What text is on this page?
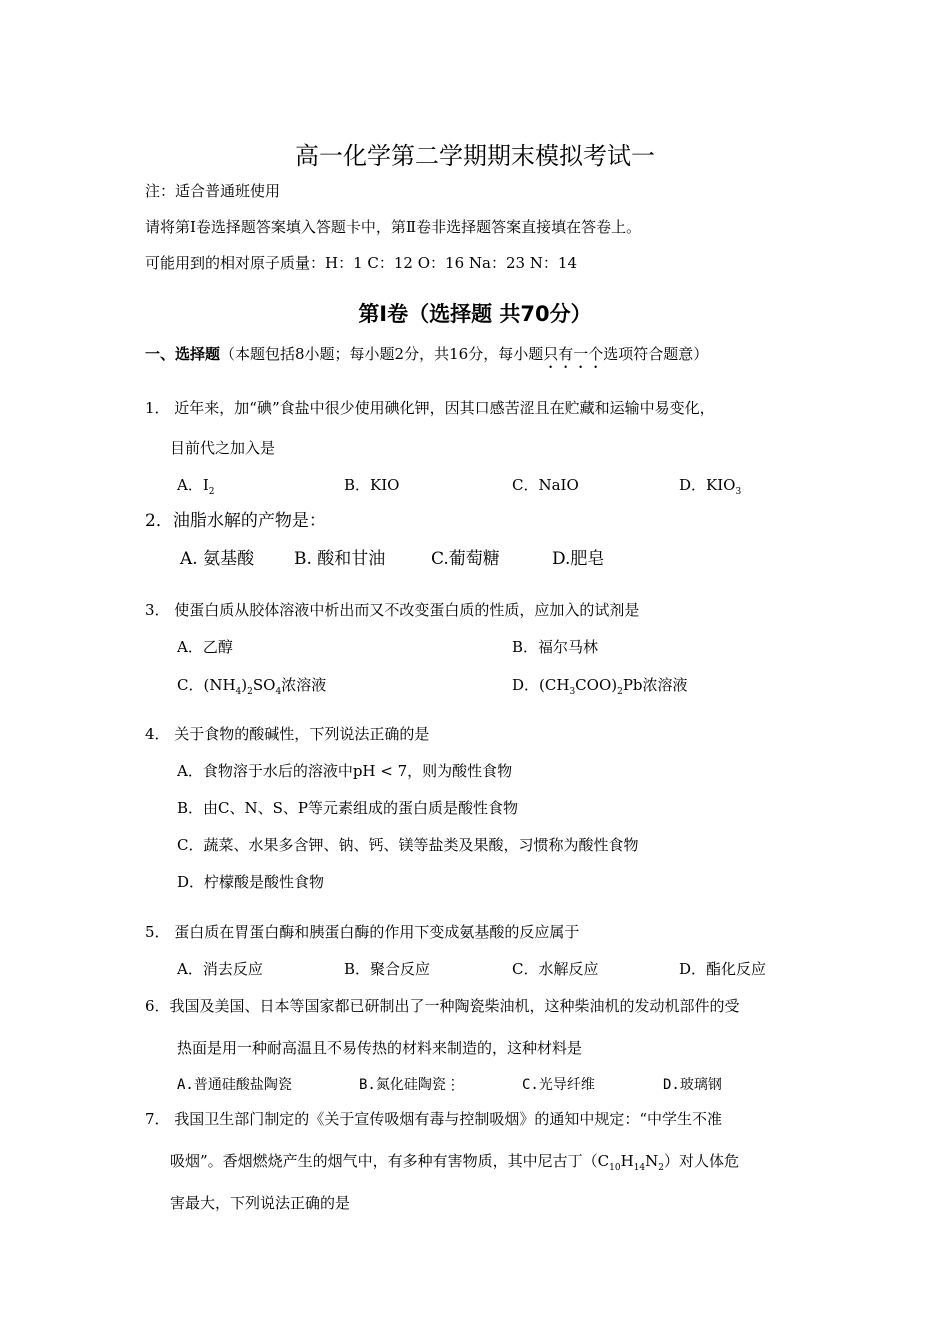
高一化学第二学期期末模拟考试一
注：适合普通班使用
请将第Ⅰ卷选择题答案填入答题卡中，第Ⅱ卷非选择题答案直接填在答卷上。
可能用到的相对原子质量：H：1 C：12 O：16 Na：23 N：14
第Ⅰ卷（选择题 共70分）
一、选择题（本题包括8小题；每小题2分，共16分，每小题只有一个选项符合题意）
1． 近年来，加“碘”食盐中很少使用碘化钾，因其口感苦涩且在贮藏和运输中易变化，
目前代之加入是
A．$I_2$	B．KIO	C．NaIO	D．$KIO_3$
2．油脂水解的产物是：
A. 氨基酸 B. 酸和甘油	C.葡萄糖	D.肥皂
3． 使蛋白质从胶体溶液中析出而又不改变蛋白质的性质，应加入的试剂是
A．乙醇	B．福尔马林
C．$(NH_4)_2SO_4$浓溶液	D．$(CH_3COO)_2Pb$浓溶液
4． 关于食物的酸碱性，下列说法正确的是
A．食物溶于水后的溶液中pH < 7，则为酸性食物
B．由C、N、S、P等元素组成的蛋白质是酸性食物
C．蔬菜、水果多含钾、钠、钙、镁等盐类及果酸，习惯称为酸性食物
D．柠檬酸是酸性食物
5． 蛋白质在胃蛋白酶和胰蛋白酶的作用下变成氨基酸的反应属于
A．消去反应	B．聚合反应	C．水解反应	D．酯化反应
6．我国及美国、日本等国家都已研制出了一种陶瓷柴油机，这种柴油机的发动机部件的受
热面是用一种耐高温且不易传热的材料来制造的，这种材料是
A.普通硅酸盐陶瓷	B.氮化硅陶瓷⋮	C.光导纤维	D.玻璃钢
7． 我国卫生部门制定的《关于宣传吸烟有毒与控制吸烟》的通知中规定：“中学生不准
吸烟”。香烟燃烧产生的烟气中，有多种有害物质，其中尼古丁$(C_{10}H_{14}N_2)$对人体危
害最大，下列说法正确的是
